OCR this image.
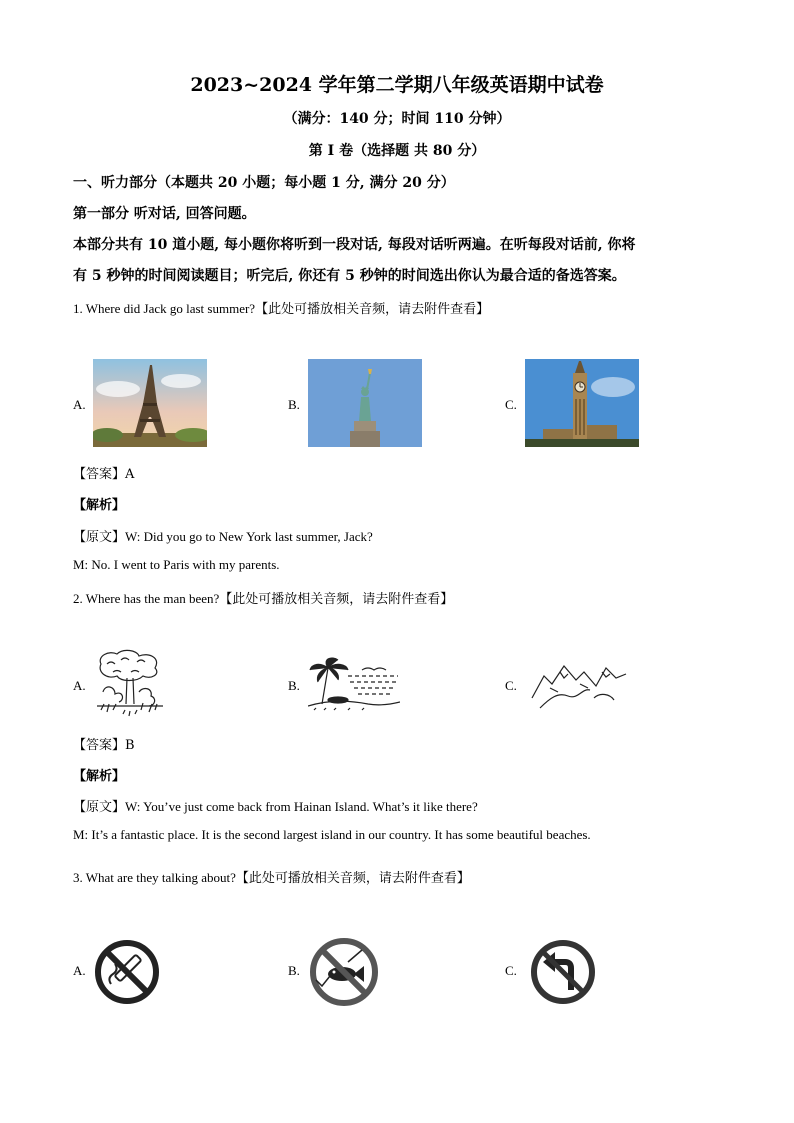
2023~2024 学年第二学期八年级英语期中试卷
（满分：140 分；时间 110 分钟）
第 I 卷（选择题 共 80 分）
一、听力部分（本题共 20 小题；每小题 1 分, 满分 20 分）
第一部分 听对话, 回答问题。
本部分共有 10 道小题, 每小题你将听到一段对话, 每段对话听两遍。在听每段对话前, 你将
有 5 秒钟的时间阅读题目；听完后, 你还有 5 秒钟的时间选出你认为最合适的备选答案。
1. Where did Jack go last summer?【此处可播放相关音频，请去附件查看】
A.	B.	C.
【答案】A
【解析】
【原文】W: Did you go to New York last summer, Jack?
M: No. I went to Paris with my parents.
2. Where has the man been?【此处可播放相关音频，请去附件查看】
A.	B.	C.
【答案】B
【解析】
【原文】W: You’ve just come back from Hainan Island. What’s it like there?
M: It’s a fantastic place. It is the second largest island in our country. It has some beautiful beaches.
3. What are they talking about?【此处可播放相关音频，请去附件查看】
A.	B.	C.
